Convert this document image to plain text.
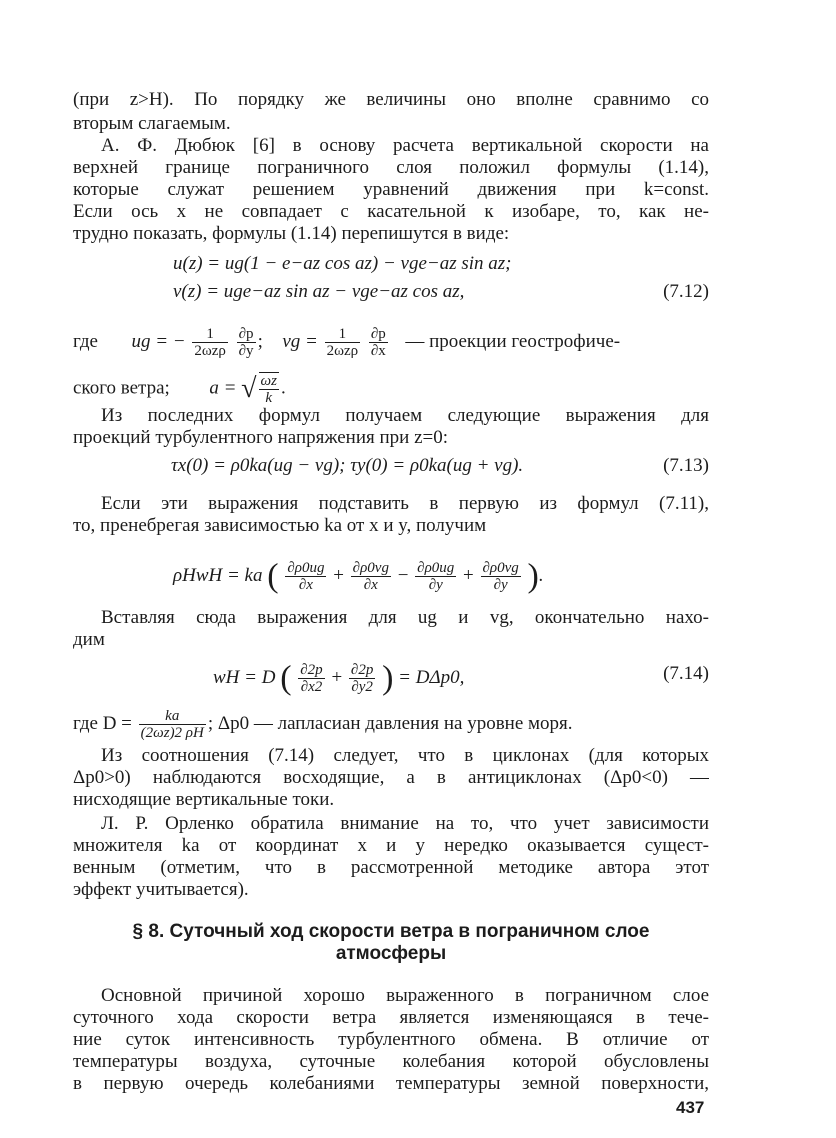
(при z>H). По порядку же величины оно вполне сравнимо со
вторым слагаемым.
А. Ф. Дюбюк [6] в основу расчета вертикальной скорости на
верхней границе пограничного слоя положил формулы (1.14),
которые служат решением уравнений движения при k=const.
Если ось x не совпадает с касательной к изобаре, то, как не-
трудно показать, формулы (1.14) перепишутся в виде:
u(z) = ug(1 − e−az cos az) − vge−az sin az;
v(z) = uge−az sin az − vge−az cos az,	(7.12)
где ug = − $\frac{1}{\text{2ωzρ}}$
$\frac{\partial p}{\partial y}$ ;  vg = $\frac{1}{\text{2ωzρ}}$
$\frac{\partial p}{\partial x}$ — проекции геострофиче-
ского ветра; a = √ $\frac{\omega z}{k}$ .
Из последних формул получаем следующие выражения для
проекций турбулентного напряжения при z=0:
τx(0) = ρ0ka(ug − vg); τy(0) = ρ0ka(ug + vg).	(7.13)
Если эти выражения подставить в первую из формул (7.11),
то, пренебрегая зависимостью ka от x и y, получим
ρHwH = ka ( $\frac{\partial\rho 0ug}{\partial x} + \frac{\partial\rho 0vg}{\partial x} - \frac{\partial\rho 0ug}{\partial y} + \frac{\partial\rho 0vg}{\partial y}$ ).
Вставляя сюда выражения для ug и vg, окончательно нахо-
дим
wH = D ( $\frac{\partial 2p}{\partial x2} + \frac{\partial 2p}{\partial y2}$ ) = DΔp0,	(7.14)
где $D = \frac{ka}{(2\omega z)2 \rho H}$ ; Δp0 — лапласиан давления на уровне моря.
Из соотношения (7.14) следует, что в циклонах (для которых
Δp0>0) наблюдаются восходящие, а в антициклонах (Δp0<0) —
нисходящие вертикальные токи.
Л. Р. Орленко обратила внимание на то, что учет зависимости
множителя ka от координат x и y нередко оказывается сущест-
венным (отметим, что в рассмотренной методике автора этот
эффект учитывается).
§ 8. Суточный ход скорости ветра в пограничном слое
атмосферы
Основной причиной хорошо выраженного в пограничном слое
суточного хода скорости ветра является изменяющаяся в тече-
ние суток интенсивность турбулентного обмена. В отличие от
температуры воздуха, суточные колебания которой обусловлены
в первую очередь колебаниями температуры земной поверхности,
437
